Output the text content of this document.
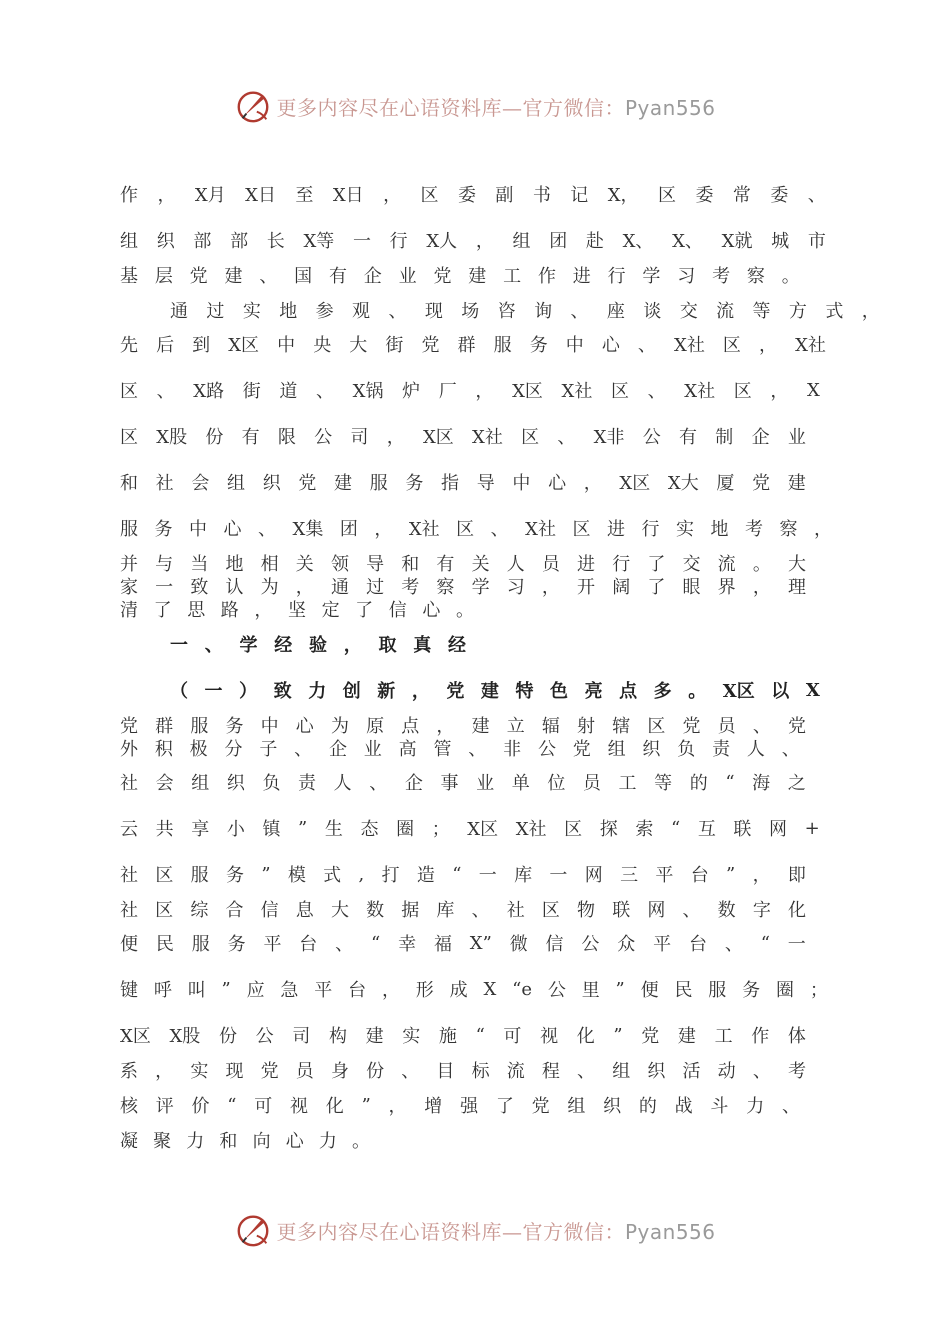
更多内容尽在心语资料库—官方微信：Pyan556
作 ， X月 X日 至 X日 ， 区 委 副 书 记 X， 区 委 常 委 、
组 织 部 部 长 X等 一 行 X人 ， 组 团 赴 X、 X、 X就 城 市
基 层 党 建 、 国 有 企 业 党 建 工 作 进 行 学 习 考 察 。
通 过 实 地 参 观 、 现 场 咨 询 、 座 谈 交 流 等 方 式 ，
先 后 到 X区 中 央 大 街 党 群 服 务 中 心 、 X社 区 ， X社
区 、 X路 街 道 、 X锅 炉 厂 ， X区 X社 区 、 X社 区 ， X
区 X股 份 有 限 公 司 ， X区 X社 区 、 X非 公 有 制 企 业
和 社 会 组 织 党 建 服 务 指 导 中 心 ， X区 X大 厦 党 建
服 务 中 心 、 X集 团 ， X社 区 、 X社 区 进 行 实 地 考 察 ，
并 与 当 地 相 关 领 导 和 有 关 人 员 进 行 了 交 流 。 大
家 一 致 认 为 ， 通 过 考 察 学 习 ， 开 阔 了 眼 界 ， 理
清 了 思 路 ， 坚 定 了 信 心 。
一 、 学 经 验 ， 取 真 经
（ 一 ） 致 力 创 新 ， 党 建 特 色 亮 点 多 。 X区 以 X
党 群 服 务 中 心 为 原 点 ， 建 立 辐 射 辖 区 党 员 、 党
外 积 极 分 子 、 企 业 高 管 、 非 公 党 组 织 负 责 人 、
社 会 组 织 负 责 人 、 企 事 业 单 位 员 工 等 的 “ 海 之
云 共 享 小 镇 ” 生 态 圈 ； X区 X社 区 探 索 “ 互 联 网 +
社 区 服 务 ” 模 式 , 打 造 “ 一 库 一 网 三 平 台 ” ， 即
社 区 综 合 信 息 大 数 据 库 、 社 区 物 联 网 、 数 字 化
便 民 服 务 平 台 、 “ 幸 福 X” 微 信 公 众 平 台 、 “ 一
键 呼 叫 ” 应 急 平 台 ， 形 成 X “e 公 里 ” 便 民 服 务 圈 ；
X区 X股 份 公 司 构 建 实 施 “ 可 视 化 ” 党 建 工 作 体
系 ， 实 现 党 员 身 份 、 目 标 流 程 、 组 织 活 动 、 考
核 评 价 “ 可 视 化 ” ， 增 强 了 党 组 织 的 战 斗 力 、
凝 聚 力 和 向 心 力 。
更多内容尽在心语资料库—官方微信：Pyan556
